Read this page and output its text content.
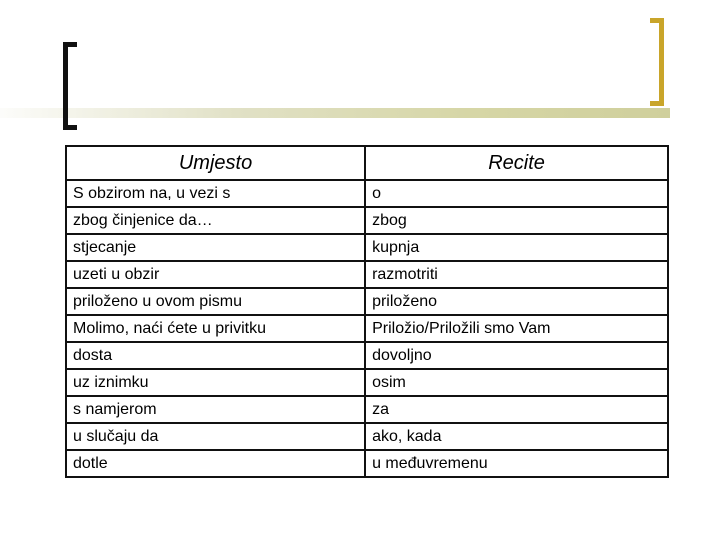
Umjesto	Recite
S obzirom na, u vezi s	o
zbog činjenice da…	zbog
stjecanje	kupnja
uzeti u obzir	razmotriti
priloženo u ovom pismu	priloženo
Molimo, naći ćete u privitku	Priložio/Priložili smo Vam
dosta	dovoljno
uz iznimku	osim
s namjerom	za
u slučaju da	ako, kada
dotle	u međuvremenu
